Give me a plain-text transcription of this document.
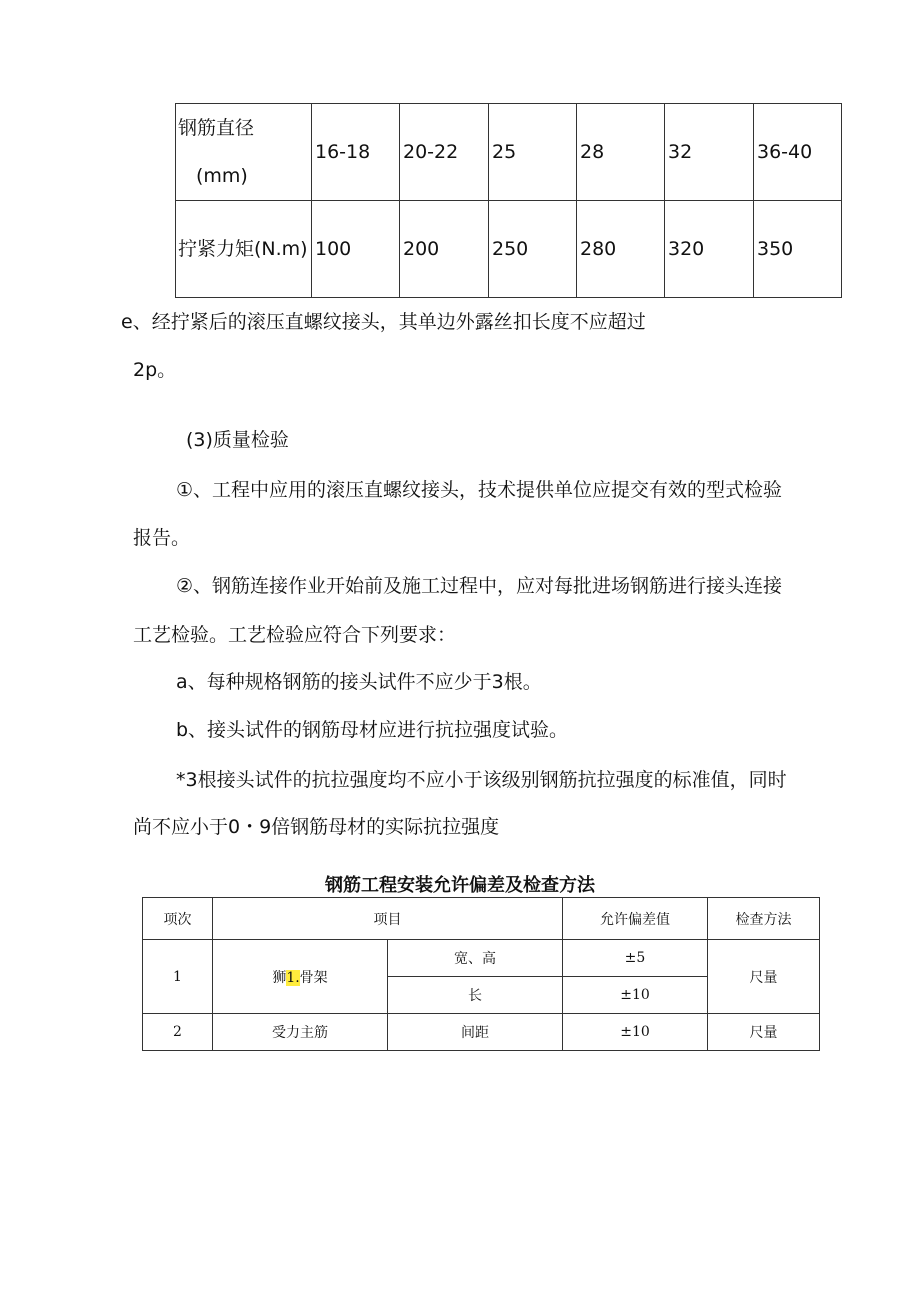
钢筋直径
(mm)	16-18	20-22	25	28	32	36-40
拧紧力矩(N.m)	100	200	250	280	320	350
e、经拧紧后的滚压直螺纹接头，其单边外露丝扣长度不应超过
2p。
(3)质量检验
①、工程中应用的滚压直螺纹接头，技术提供单位应提交有效的型式检验
报告。
②、钢筋连接作业开始前及施工过程中，应对每批进场钢筋进行接头连接
工艺检验。工艺检验应符合下列要求：
a、每种规格钢筋的接头试件不应少于3根。
b、接头试件的钢筋母材应进行抗拉强度试验。
*3根接头试件的抗拉强度均不应小于该级别钢筋抗拉强度的标准值，同时
尚不应小于0・9倍钢筋母材的实际抗拉强度
钢筋工程安装允许偏差及检查方法
项次	项目		允许偏差值	检查方法
1	狮1.骨架	宽、高	±5	尺量
		长	±10	
2	受力主筋	间距	±10	尺量
